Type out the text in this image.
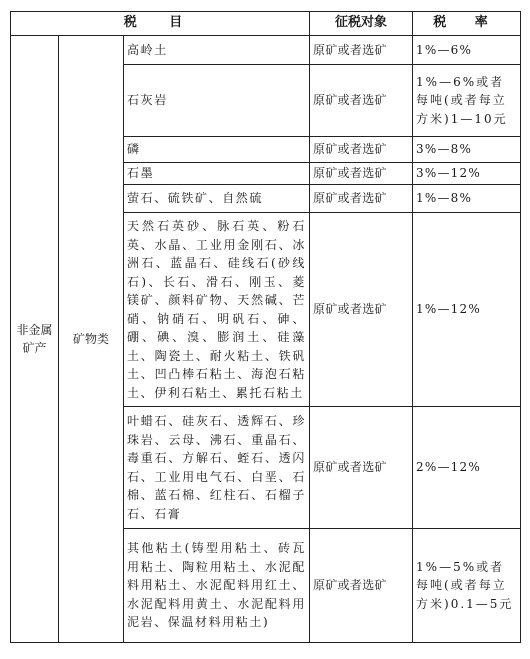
税 目			征税对象	税 率
非金属矿产	矿物类	高岭土	原矿或者选矿	1%—6%
		石灰岩	原矿或者选矿	1%—6%或者每吨(或者每立方米)1—10元
		磷	原矿或者选矿	3%—8%
		石墨	原矿或者选矿	3%—12%
		萤石、硫铁矿、自然硫	原矿或者选矿	1%—8%
		天然石英砂、脉石英、粉石英、水晶、工业用金刚石、冰洲石、蓝晶石、硅线石(砂线石)、长石、滑石、刚玉、菱镁矿、颜料矿物、天然碱、芒硝、钠硝石、明矾石、砷、硼、碘、溴、膨润土、硅藻土、陶瓷土、耐火粘土、铁矾土、凹凸棒石粘土、海泡石粘土、伊利石粘土、累托石粘土	原矿或者选矿	1%—12%
		叶蜡石、硅灰石、透辉石、珍珠岩、云母、沸石、重晶石、毒重石、方解石、蛭石、透闪石、工业用电气石、白垩、石棉、蓝石棉、红柱石、石榴子石、石膏	原矿或者选矿	2%—12%
		其他粘土(铸型用粘土、砖瓦用粘土、陶粒用粘土、水泥配料用粘土、水泥配料用红土、水泥配料用黄土、水泥配料用泥岩、保温材料用粘土)	原矿或者选矿	1%—5%或者每吨(或者每立方米)0.1—5元
